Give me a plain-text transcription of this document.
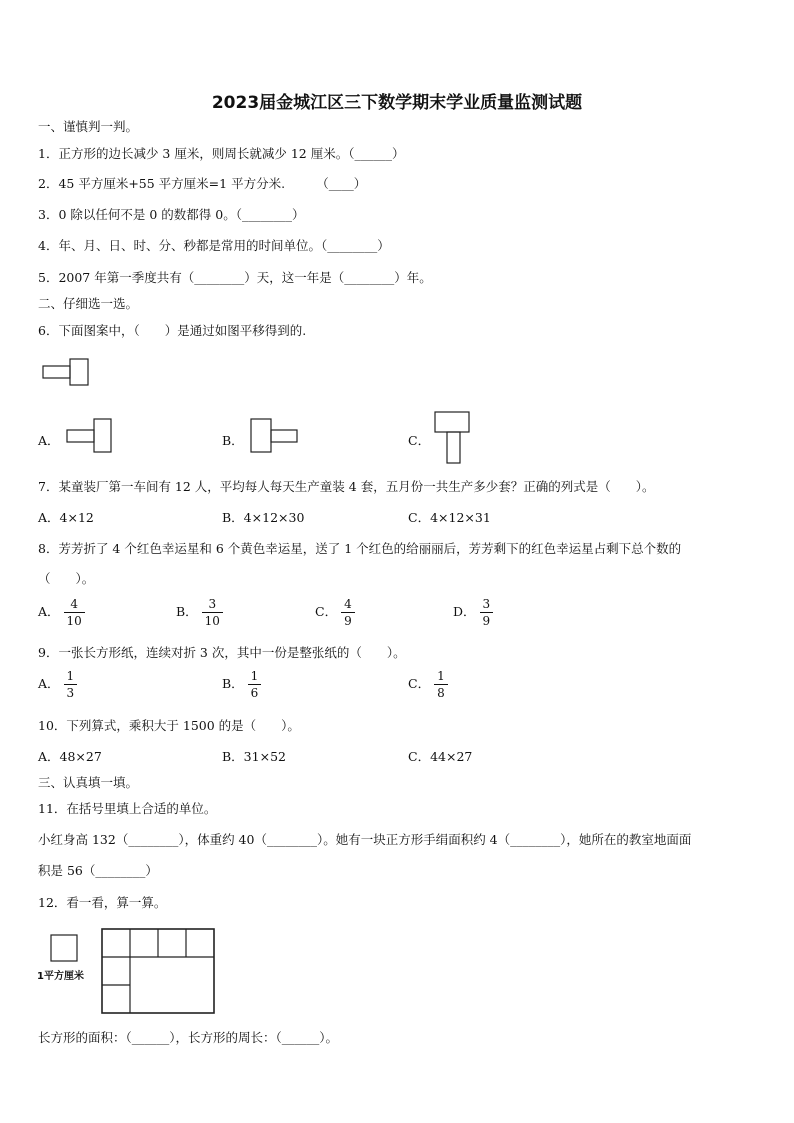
2023届金城江区三下数学期末学业质量监测试题
一、谨慎判一判。
1．正方形的边长减少 3 厘米，则周长就减少 12 厘米。（______）
2．45 平方厘米+55 平方厘米=1 平方分米.　　　（____）
3．0 除以任何不是 0 的数都得 0。（________）
4．年、月、日、时、分、秒都是常用的时间单位。（________）
5．2007 年第一季度共有（________）天，这一年是（________）年。
二、仔细选一选。
6．下面图案中，（　　）是通过如图平移得到的.
A．	B．	C．
7．某童装厂第一车间有 12 人，平均每人每天生产童装 4 套，五月份一共生产多少套？正确的列式是（　　）。
A．4×12	B．4×12×30	C．4×12×31
8．芳芳折了 4 个红色幸运星和 6 个黄色幸运星，送了 1 个红色的给丽丽后，芳芳剩下的红色幸运星占剩下总个数的
（　　）。
A． $\frac{4}{10}$	B． $\frac{3}{10}$	C． $\frac{4}{9}$	D． $\frac{3}{9}$
9．一张长方形纸，连续对折 3 次，其中一份是整张纸的（　　）。
A． $\frac{1}{3}$	B． $\frac{1}{6}$	C． $\frac{1}{8}$
10．下列算式，乘积大于 1500 的是（　　）。
A．48×27	B．31×52	C．44×27
三、认真填一填。
11．在括号里填上合适的单位。
小红身高 132（________），体重约 40（________）。她有一块正方形手绢面积约 4（________），她所在的教室地面面
积是 56（________）
12．看一看，算一算。
1平方厘米
长方形的面积：（______），长方形的周长：（______）。
